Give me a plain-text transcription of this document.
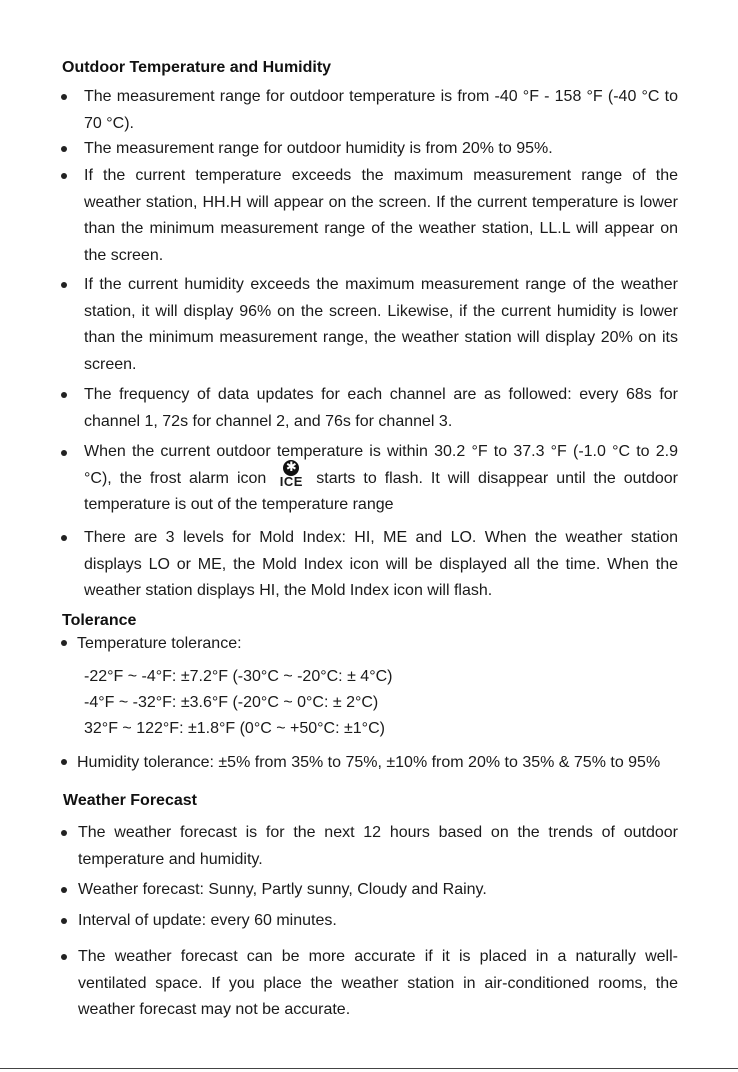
Outdoor Temperature and Humidity
The measurement range for outdoor temperature is from -40 °F - 158 °F (-40 °C to 70 °C).
The measurement range for outdoor humidity is from 20% to 95%.
If the current temperature exceeds the maximum measurement range of the weather station, HH.H will appear on the screen. If the current temperature is lower than the minimum measurement range of the weather station, LL.L will appear on the screen.
If the current humidity exceeds the maximum measurement range of the weather station, it will display 96% on the screen. Likewise, if the current humidity is lower than the minimum measurement range, the weather station will display 20% on its screen.
The frequency of data updates for each channel are as followed: every 68s for channel 1, 72s for channel 2, and 76s for channel 3.
When the current outdoor temperature is within 30.2 °F to 37.3 °F (-1.0 °C to 2.9 °C), the frost alarm icon
✱
ICE starts to flash. It will disappear until the outdoor temperature is out of the temperature range
There are 3 levels for Mold Index: HI, ME and LO. When the weather station displays LO or ME, the Mold Index icon will be displayed all the time. When the weather station displays HI, the Mold Index icon will flash.
Tolerance
Temperature tolerance:
-22°F ~ -4°F: ±7.2°F (-30°C ~ -20°C: ± 4°C)
-4°F ~ -32°F: ±3.6°F (-20°C ~ 0°C: ± 2°C)
32°F ~ 122°F: ±1.8°F (0°C ~ +50°C: ±1°C)
Humidity tolerance: ±5% from 35% to 75%, ±10% from 20% to 35% & 75% to 95%
Weather Forecast
The weather forecast is for the next 12 hours based on the trends of outdoor temperature and humidity.
Weather forecast: Sunny, Partly sunny, Cloudy and Rainy.
Interval of update: every 60 minutes.
The weather forecast can be more accurate if it is placed in a naturally well-ventilated space. If you place the weather station in air-conditioned rooms, the weather forecast may not be accurate.
